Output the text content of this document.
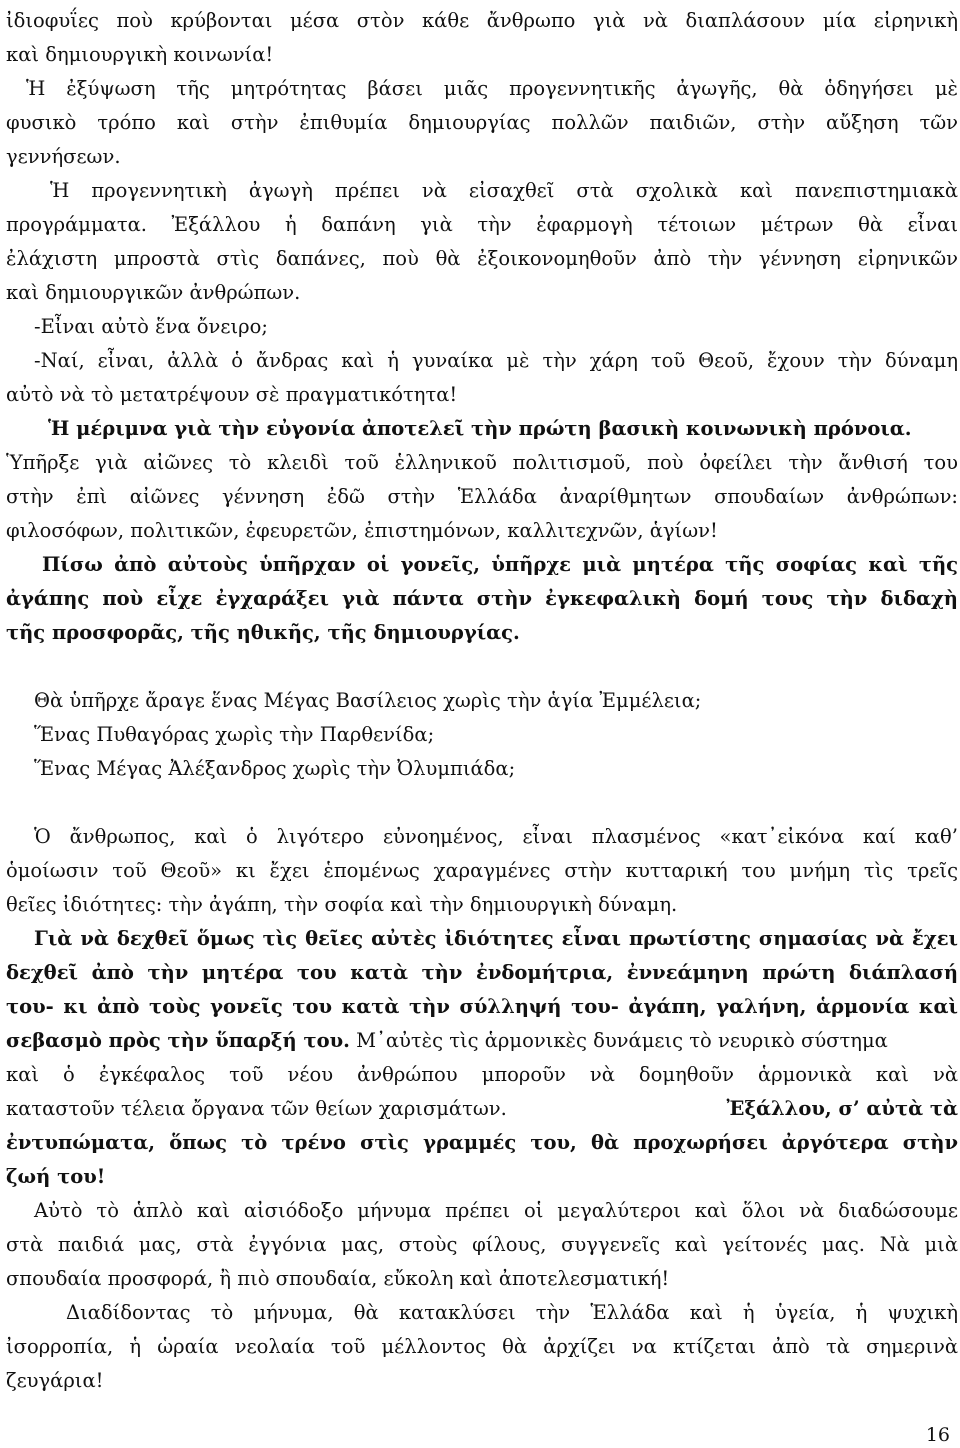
ἰδιοφυΐες ποὺ κρύβονται μέσα στὸν κάθε ἄνθρωπο γιὰ νὰ διαπλάσουν μία εἰρηνικὴ
καὶ δημιουργικὴ κοινωνία!
Ἡ ἐξύψωση τῆς μητρότητας βάσει μιᾶς προγεννητικῆς ἀγωγῆς, θὰ ὁδηγήσει μὲ
φυσικὸ τρόπο καὶ στὴν ἐπιθυμία δημιουργίας πολλῶν παιδιῶν, στὴν αὔξηση τῶν
γεννήσεων.
Ἡ προγεννητικὴ ἀγωγὴ πρέπει νὰ εἰσαχθεῖ στὰ σχολικὰ καὶ πανεπιστημιακὰ
προγράμματα. Ἐξάλλου ἡ δαπάνη γιὰ τὴν ἐφαρμογὴ τέτοιων μέτρων θὰ εἶναι
ἐλάχιστη μπροστὰ στὶς δαπάνες, ποὺ θὰ ἐξοικονομηθοῦν ἀπὸ τὴν γέννηση εἰρηνικῶν
καὶ δημιουργικῶν ἀνθρώπων.
-Εἶναι αὐτὸ ἕνα ὄνειρο;
-Ναί, εἶναι, ἀλλὰ ὁ ἄνδρας καὶ ἡ γυναίκα μὲ τὴν χάρη τοῦ Θεοῦ, ἔχουν τὴν δύναμη
αὐτὸ νὰ τὸ μετατρέψουν σὲ πραγματικότητα!
Ἡ μέριμνα γιὰ τὴν εὐγονία ἀποτελεῖ τὴν πρώτη βασικὴ κοινωνικὴ πρόνοια.
Ὑπῆρξε γιὰ αἰῶνες τὸ κλειδὶ τοῦ ἑλληνικοῦ πολιτισμοῦ, ποὺ ὀφείλει τὴν ἄνθισή του
στὴν ἐπὶ αἰῶνες γέννηση ἐδῶ στὴν Ἑλλάδα ἀναρίθμητων σπουδαίων ἀνθρώπων:
φιλοσόφων, πολιτικῶν, ἐφευρετῶν, ἐπιστημόνων, καλλιτεχνῶν, ἁγίων!
Πίσω ἀπὸ αὐτοὺς ὑπῆρχαν οἱ γονεῖς, ὑπῆρχε μιὰ μητέρα τῆς σοφίας καὶ τῆς
ἀγάπης ποὺ εἶχε ἐγχαράξει γιὰ πάντα στὴν ἐγκεφαλικὴ δομή τους τὴν διδαχὴ
τῆς προσφορᾶς, τῆς ηθικῆς, τῆς δημιουργίας.
Θὰ ὑπῆρχε ἄραγε ἕνας Μέγας Βασίλειος χωρὶς τὴν ἁγία Ἐμμέλεια;
Ἕνας Πυθαγόρας χωρὶς τὴν Παρθενίδα;
Ἕνας Μέγας Ἀλέξανδρος χωρὶς τὴν Ὀλυμπιάδα;
Ὁ ἄνθρωπος, καὶ ὁ λιγότερο εὐνοημένος, εἶναι πλασμένος «κατ᾿εἰκόνα καί καθ’
ὁμοίωσιν τοῦ Θεοῦ» κι ἔχει ἑπομένως χαραγμένες στὴν κυτταρική του μνήμη τὶς τρεῖς
θεῖες ἰδιότητες: τὴν ἀγάπη, τὴν σοφία καὶ τὴν δημιουργικὴ δύναμη.
Γιὰ νὰ δεχθεῖ ὅμως τὶς θεῖες αὐτὲς ἰδιότητες εἶναι πρωτίστης σημασίας νὰ ἔχει
δεχθεῖ ἀπὸ τὴν μητέρα του κατὰ τὴν ἐνδομήτρια, ἐννεάμηνη πρώτη διάπλασή
του- κι ἀπὸ τοὺς γονεῖς του κατὰ τὴν σύλληψή του- ἀγάπη, γαλήνη, ἁρμονία καὶ
σεβασμὸ πρὸς τὴν ὕπαρξή του. Μ᾿αὐτὲς τὶς ἁρμονικὲς δυνάμεις τὸ νευρικὸ σύστημα
καὶ ὁ ἐγκέφαλος τοῦ νέου ἀνθρώπου μποροῦν νὰ δομηθοῦν ἁρμονικὰ καὶ νὰ
καταστοῦν τέλεια ὄργανα τῶν θείων χαρισμάτων.	Ἐξάλλου, σ’ αὐτὰ τὰ
ἐντυπώματα, ὅπως τὸ τρένο στὶς γραμμές του, θὰ προχωρήσει ἀργότερα στὴν
ζωή του!
Αὐτὸ τὸ ἁπλὸ καὶ αἰσιόδοξο μήνυμα πρέπει οἱ μεγαλύτεροι καὶ ὅλοι νὰ διαδώσουμε
στὰ παιδιά μας, στὰ ἐγγόνια μας, στοὺς φίλους, συγγενεῖς καὶ γείτονές μας. Νὰ μιὰ
σπουδαία προσφορά, ἢ πιὸ σπουδαία, εὔκολη καὶ ἀποτελεσματική!
Διαδίδοντας τὸ μήνυμα, θὰ κατακλύσει τὴν Ἑλλάδα καὶ ἡ ὑγεία, ἡ ψυχικὴ
ἰσορροπία, ἡ ὡραία νεολαία τοῦ μέλλοντος θὰ ἀρχίζει να κτίζεται ἀπὸ τὰ σημερινὰ
ζευγάρια!
16
